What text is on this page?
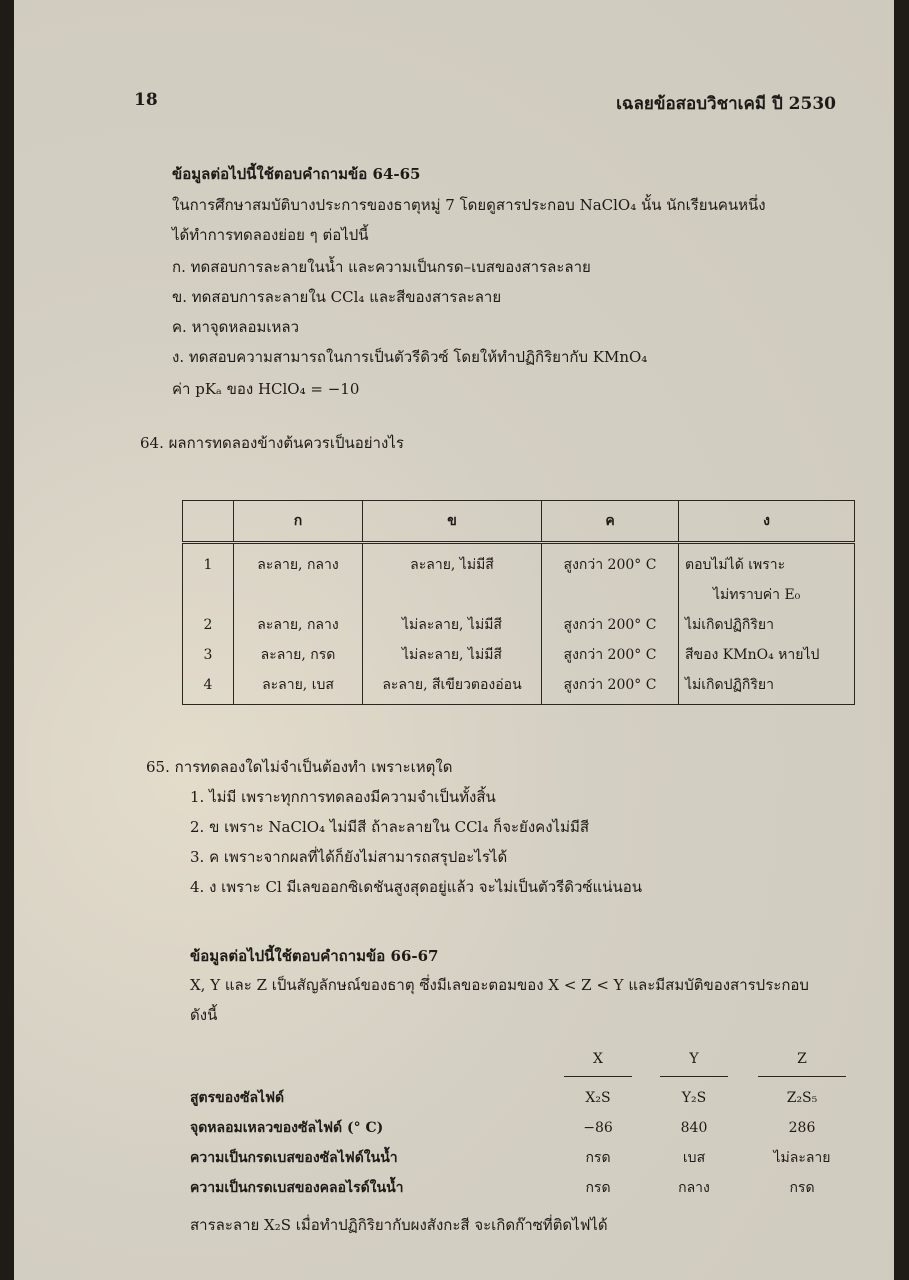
18	เฉลยข้อสอบวิชาเคมี ปี 2530
ข้อมูลต่อไปนี้ใช้ตอบคำถามข้อ 64-65
ในการศึกษาสมบัติบางประการของธาตุหมู่ 7 โดยดูสารประกอบ NaClO₄ นั้น นักเรียนคนหนึ่ง
ได้ทำการทดลองย่อย ๆ ต่อไปนี้
ก. ทดสอบการละลายในน้ำ และความเป็นกรด–เบสของสารละลาย
ข. ทดสอบการละลายใน CCl₄ และสีของสารละลาย
ค. หาจุดหลอมเหลว
ง. ทดสอบความสามารถในการเป็นตัวรีดิวซ์ โดยให้ทำปฏิกิริยากับ KMnO₄
ค่า pKₐ ของ HClO₄ = −10
64. ผลการทดลองข้างต้นควรเป็นอย่างไร
	ก	ข	ค	ง
1	ละลาย, กลาง	ละลาย, ไม่มีสี	สูงกว่า 200° C	ตอบไม่ได้ เพราะ
				ไม่ทราบค่า E₀
2	ละลาย, กลาง	ไม่ละลาย, ไม่มีสี	สูงกว่า 200° C	ไม่เกิดปฏิกิริยา
3	ละลาย, กรด	ไม่ละลาย, ไม่มีสี	สูงกว่า 200° C	สีของ KMnO₄ หายไป
4	ละลาย, เบส	ละลาย, สีเขียวตองอ่อน	สูงกว่า 200° C	ไม่เกิดปฏิกิริยา
65. การทดลองใดไม่จำเป็นต้องทำ เพราะเหตุใด
1. ไม่มี เพราะทุกการทดลองมีความจำเป็นทั้งสิ้น
2. ข เพราะ NaClO₄ ไม่มีสี ถ้าละลายใน CCl₄ ก็จะยังคงไม่มีสี
3. ค เพราะจากผลที่ได้ก็ยังไม่สามารถสรุปอะไรได้
4. ง เพราะ Cl มีเลขออกซิเดชันสูงสุดอยู่แล้ว จะไม่เป็นตัวรีดิวซ์แน่นอน
ข้อมูลต่อไปนี้ใช้ตอบคำถามข้อ 66-67
X, Y และ Z เป็นสัญลักษณ์ของธาตุ ซึ่งมีเลขอะตอมของ X < Z < Y และมีสมบัติของสารประกอบ
ดังนี้

	X	Y	Z

สูตรของซัลไฟด์	X₂S	Y₂S	Z₂S₅
จุดหลอมเหลวของซัลไฟด์ (° C)	−86	840	286
ความเป็นกรดเบสของซัลไฟด์ในน้ำ	กรด	เบส	ไม่ละลาย
ความเป็นกรดเบสของคลอไรด์ในน้ำ	กรด	กลาง	กรด
สารละลาย X₂S เมื่อทำปฏิกิริยากับผงสังกะสี จะเกิดก๊าซที่ติดไฟได้
